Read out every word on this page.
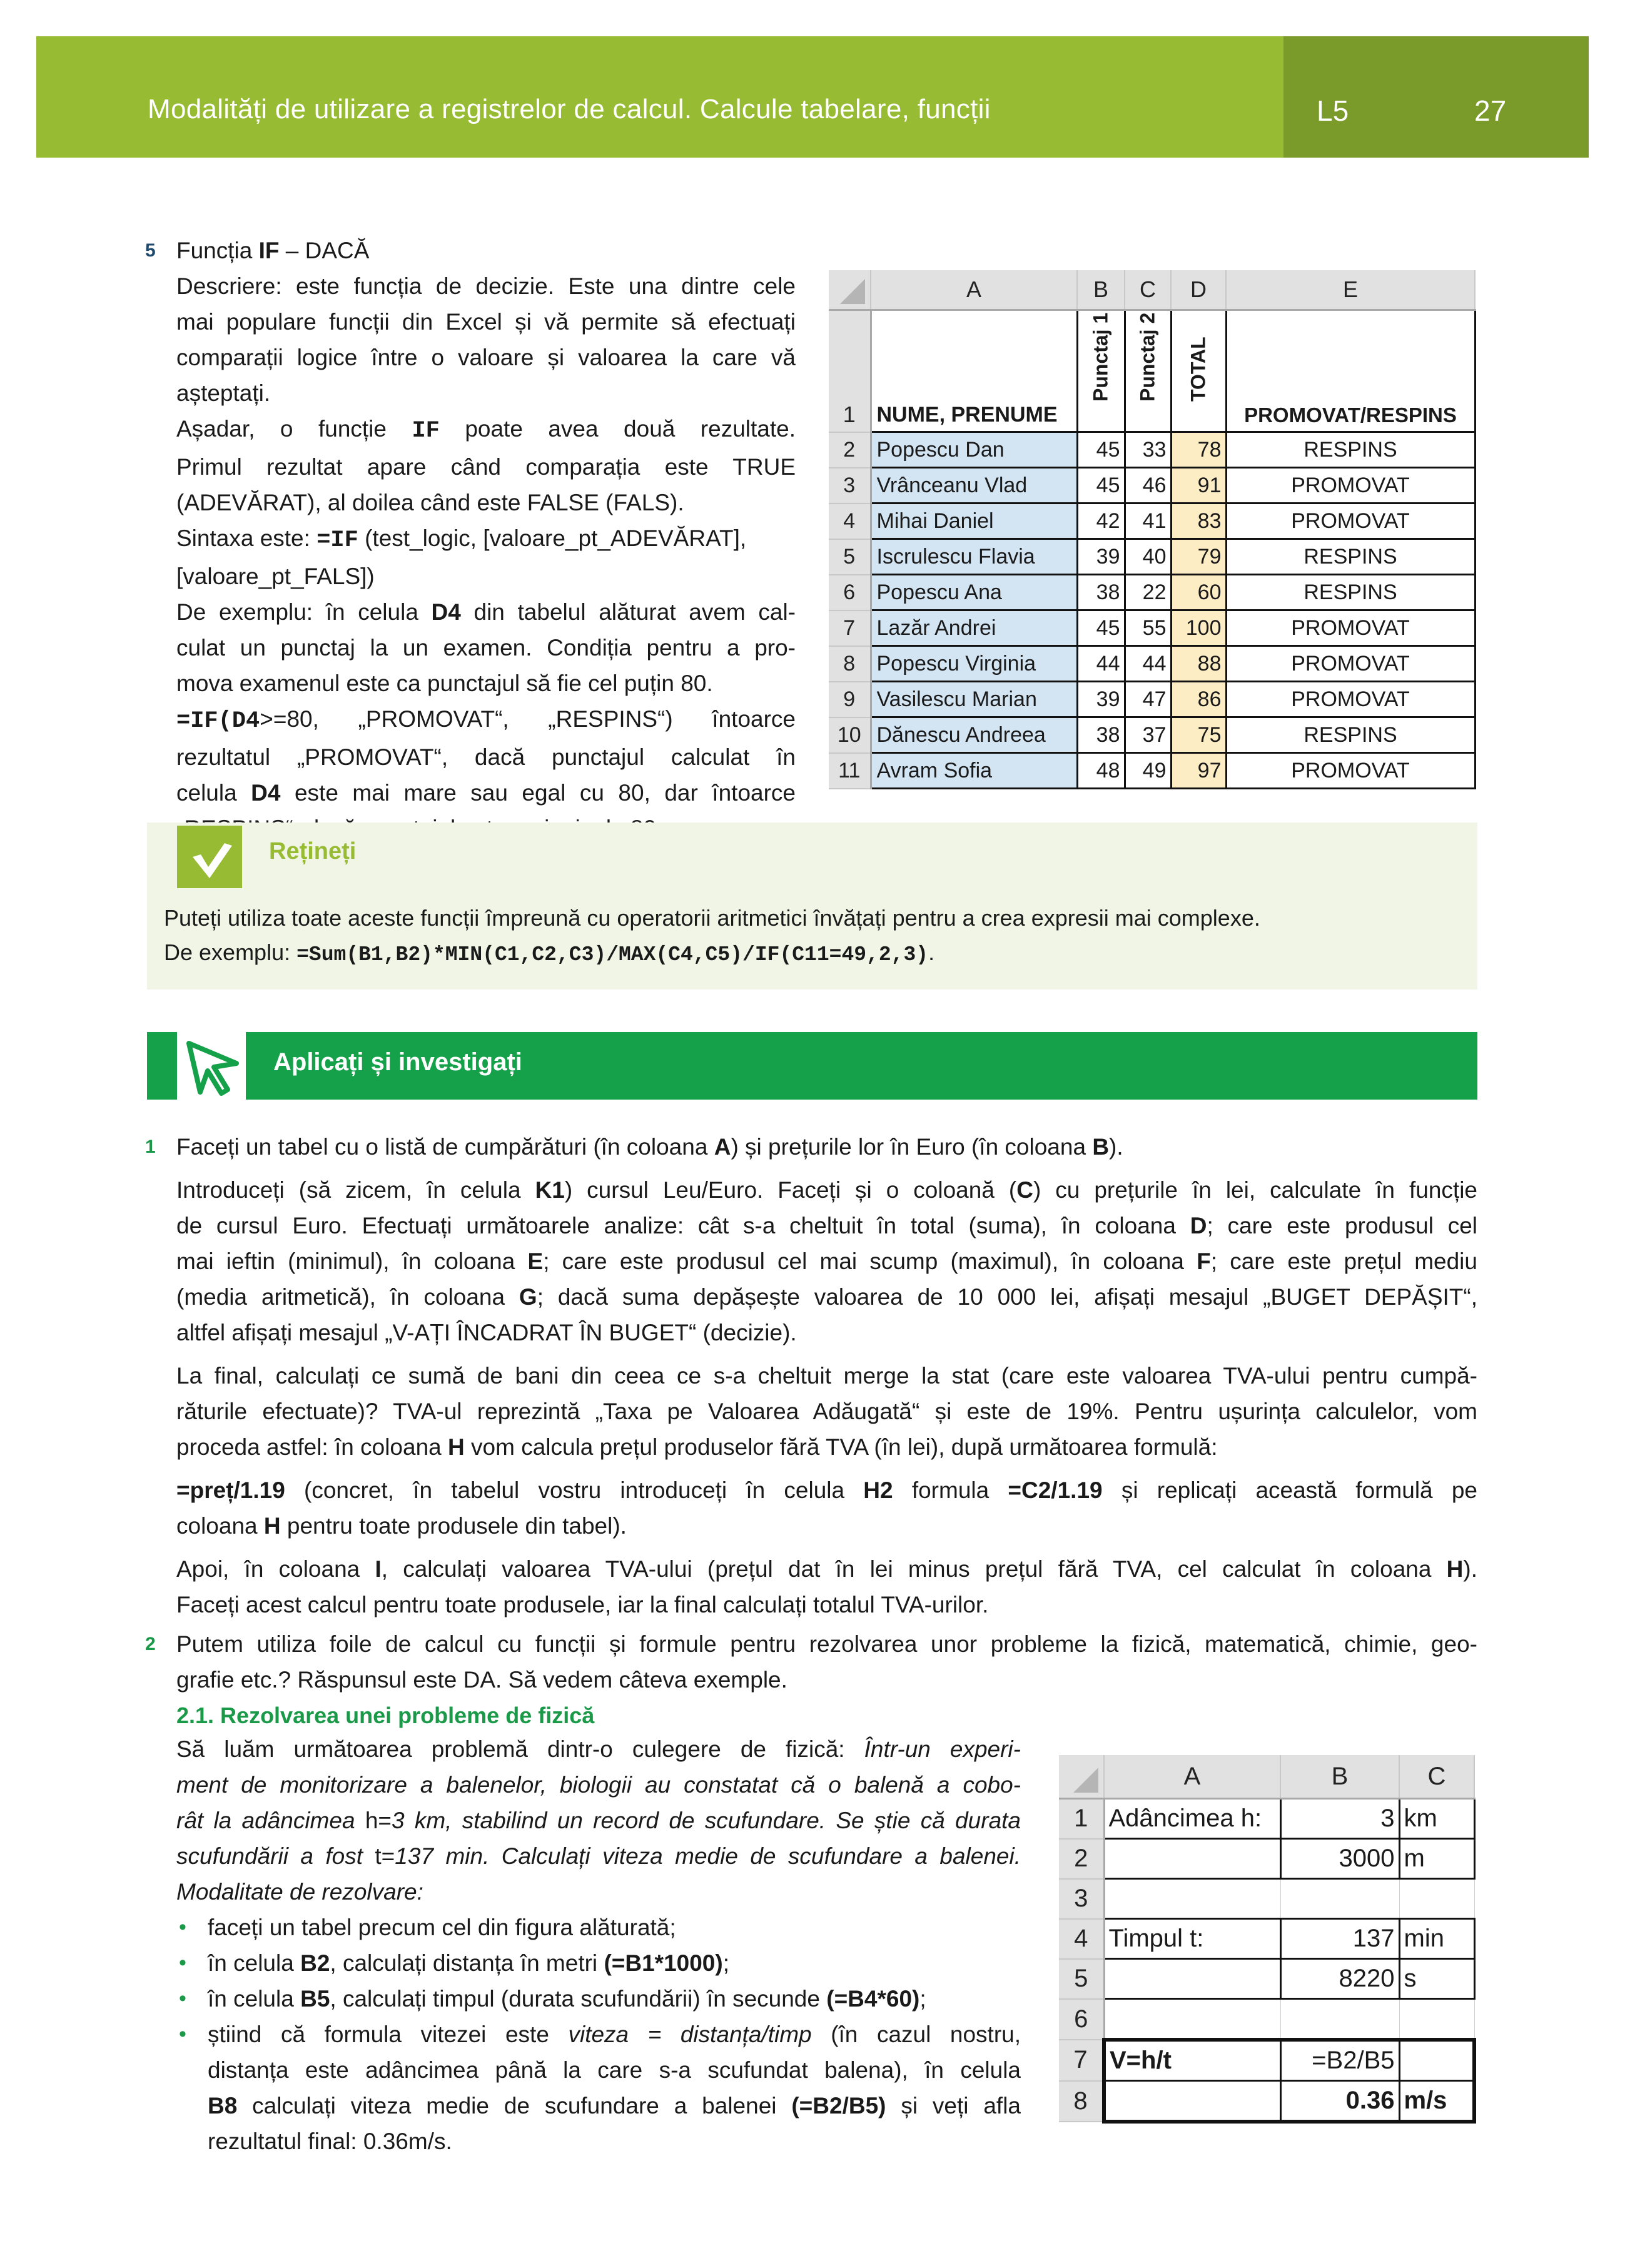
Modalități de utilizare a registrelor de calcul. Calcule tabelare, funcții	L5	27
5 Funcția IF – DACĂ
Descriere: este funcția de decizie. Este una dintre cele
mai populare funcții din Excel și vă permite să efectuați
comparații logice între o valoare și valoarea la care vă
așteptați.
Așadar, o funcție IF poate avea două rezultate.
Primul rezultat apare când comparația este TRUE
(ADEVĂRAT), al doilea când este FALSE (FALS).
Sintaxa este: =IF (test_logic, [valoare_pt_ADEVĂRAT],
[valoare_pt_FALS])
De exemplu: în celula D4 din tabelul alăturat avem cal-
culat un punctaj la un examen. Condiția pentru a pro-
mova examenul este ca punctajul să fie cel puțin 80.
=IF(D4>=80, „PROMOVAT“, „RESPINS“) întoarce
rezultatul „PROMOVAT“, dacă punctajul calculat în
celula D4 este mai mare sau egal cu 80, dar întoarce
	A	B	C	D	E
1	NUME, PRENUME	Punctaj 1	Punctaj 2	TOTAL	PROMOVAT/RESPINS
2	Popescu Dan	45	33	78	RESPINS
3	Vrânceanu Vlad	45	46	91	PROMOVAT
4	Mihai Daniel	42	41	83	PROMOVAT
5	Iscrulescu Flavia	39	40	79	RESPINS
6	Popescu Ana	38	22	60	RESPINS
7	Lazăr Andrei	45	55	100	PROMOVAT
8	Popescu Virginia	44	44	88	PROMOVAT
9	Vasilescu Marian	39	47	86	PROMOVAT
10	Dănescu Andreea	38	37	75	RESPINS
11	Avram Sofia	48	49	97	PROMOVAT
Rețineți
Puteți utiliza toate aceste funcții împreună cu operatorii aritmetici învățați pentru a crea expresii mai complexe.
De exemplu: =Sum(B1,B2)*MIN(C1,C2,C3)/MAX(C4,C5)/IF(C11=49,2,3).
Aplicați și investigați
1 Faceți un tabel cu o listă de cumpărături (în coloana A) și prețurile lor în Euro (în coloana B).
Introduceți (să zicem, în celula K1) cursul Leu/Euro. Faceți și o coloană (C) cu prețurile în lei, calculate în funcție
de cursul Euro. Efectuați următoarele analize: cât s-a cheltuit în total (suma), în coloana D; care este produsul cel
mai ieftin (minimul), în coloana E; care este produsul cel mai scump (maximul), în coloana F; care este prețul mediu
(media aritmetică), în coloana G; dacă suma depășește valoarea de 10 000 lei, afișați mesajul „BUGET DEPĂȘIT“,
altfel afișați mesajul „V-AȚI ÎNCADRAT ÎN BUGET“ (decizie).
La final, calculați ce sumă de bani din ceea ce s-a cheltuit merge la stat (care este valoarea TVA-ului pentru cumpă-
răturile efectuate)? TVA-ul reprezintă „Taxa pe Valoarea Adăugată“ și este de 19%. Pentru ușurința calculelor, vom
proceda astfel: în coloana H vom calcula prețul produselor fără TVA (în lei), după următoarea formulă:
=preț/1.19 (concret, în tabelul vostru introduceți în celula H2 formula =C2/1.19 și replicați această formulă pe
coloana H pentru toate produsele din tabel).
Apoi, în coloana I, calculați valoarea TVA-ului (prețul dat în lei minus prețul fără TVA, cel calculat în coloana H).
Faceți acest calcul pentru toate produsele, iar la final calculați totalul TVA-urilor.
2 Putem utiliza foile de calcul cu funcții și formule pentru rezolvarea unor probleme la fizică, matematică, chimie, geo-
grafie etc.? Răspunsul este DA. Să vedem câteva exemple.
2.1. Rezolvarea unei probleme de fizică
Să luăm următoarea problemă dintr-o culegere de fizică: Într-un experi-
ment de monitorizare a balenelor, biologii au constatat că o balenă a cobo-
rât la adâncimea h=3 km, stabilind un record de scufundare. Se știe că durata
scufundării a fost t=137 min. Calculați viteza medie de scufundare a balenei.
Modalitate de rezolvare:
• faceți un tabel precum cel din figura alăturată;
• în celula B2, calculați distanța în metri (=B1*1000);
• în celula B5, calculați timpul (durata scufundării) în secunde (=B4*60);
• știind că formula vitezei este viteza = distanța/timp (în cazul nostru,
distanța este adâncimea până la care s-a scufundat balena), în celula
B8 calculați viteza medie de scufundare a balenei (=B2/B5) și veți afla
rezultatul final: 0.36m/s.
	A	B	C
1	Adâncimea h:	3	km
2		3000	m
3			
4	Timpul t:	137	min
5		8220	s
6			
7	V=h/t	=B2/B5	
8		0.36	m/s
